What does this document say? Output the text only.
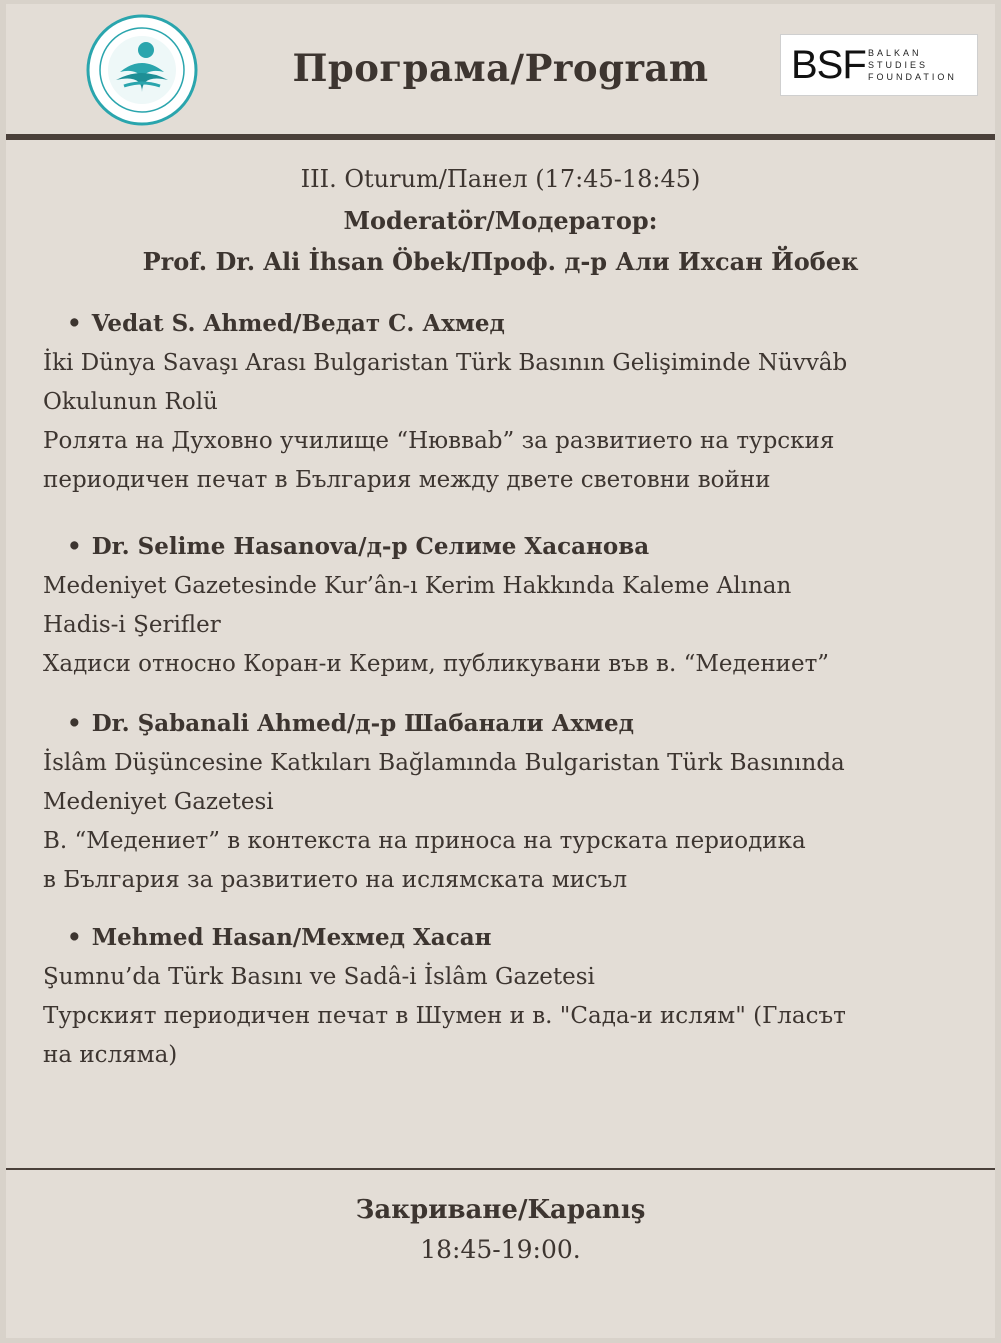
Програма/Program	BSF BALKAN
STUDIES
FOUNDATION
III. Oturum/Панел (17:45-18:45)
Moderatör/Модератор:
Prof. Dr. Ali İhsan Öbek/Проф. д-р Али Ихсан Йобек
• Vedat S. Ahmed/Ведат С. Ахмед
İki Dünya Savaşı Arası Bulgaristan Türk Basının Gelişiminde Nüvvâb
Okulunun Rolü
Ролята на Духовно училище “Нюввab” за развитието на турския
периодичен печат в България между двете световни войни
• Dr. Selime Hasanova/д-р Селиме Хасанова
Medeniyet Gazetesinde Kur’ân-ı Kerim Hakkında Kaleme Alınan
Hadis-i Şerifler
Хадиси относно Коран-и Керим, публикувани във в. “Медениет”
• Dr. Şabanali Ahmed/д-р Шабанали Ахмед
İslâm Düşüncesine Katkıları Bağlamında Bulgaristan Türk Basınında
Medeniyet Gazetesi
В. “Медениет” в контекста на приноса на турската периодика
в България за развитието на ислямската мисъл
• Mehmed Hasan/Мехмед Хасан
Şumnu’da Türk Basını ve Sadâ-i İslâm Gazetesi
Турският периодичен печат в Шумен и в. "Сада-и ислям" (Гласът
на исляма)
Закриване/Kapanış
18:45-19:00.
